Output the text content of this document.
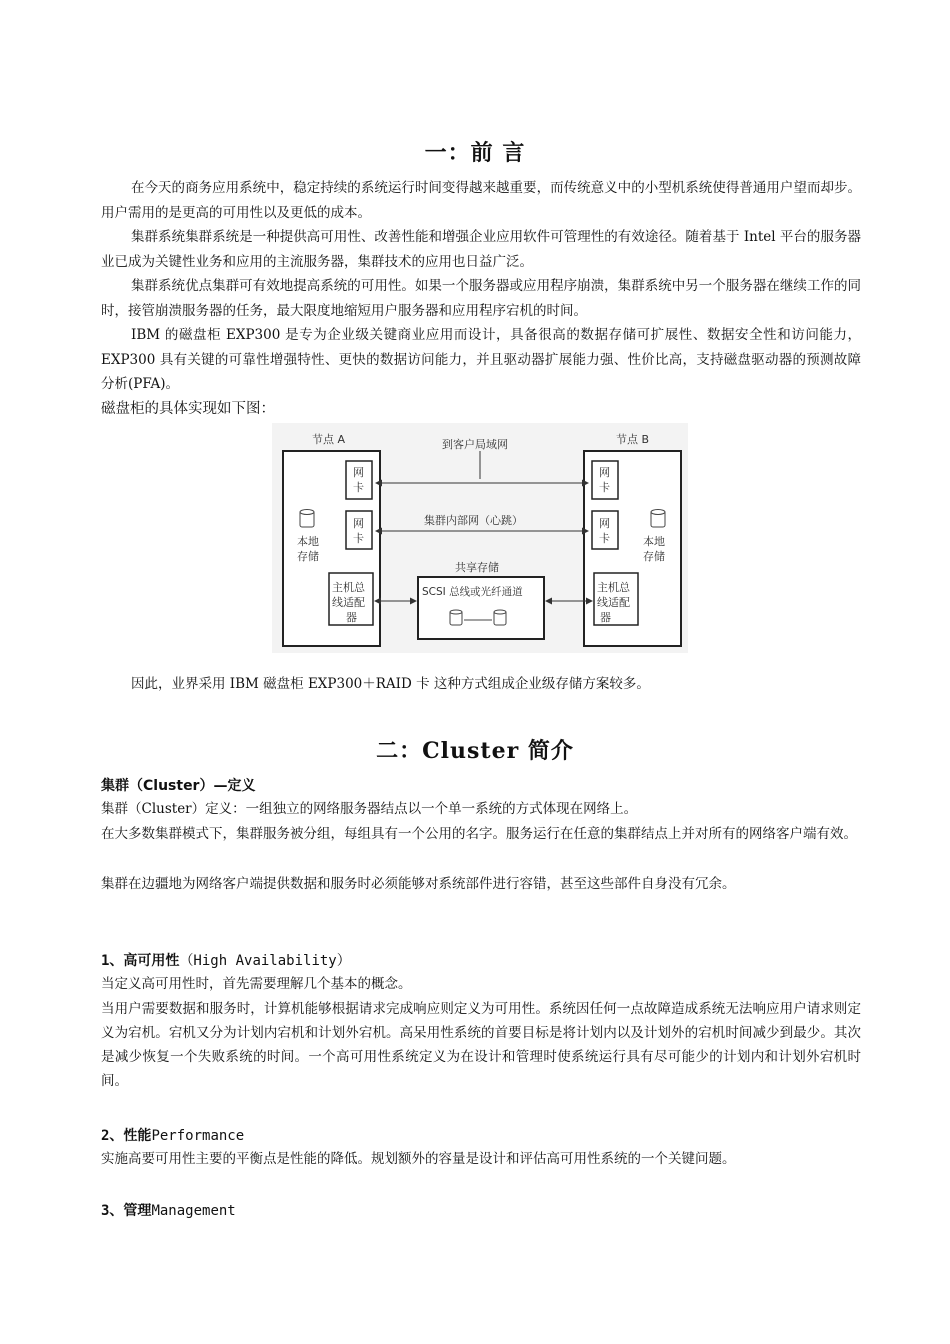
一：前 言

在今天的商务应用系统中，稳定持续的系统运行时间变得越来越重要，而传统意义中的小型机系统使得普通用户望而却步。用户需用的是更高的可用性以及更低的成本。

集群系统集群系统是一种提供高可用性、改善性能和增强企业应用软件可管理性的有效途径。随着基于 Intel 平台的服务器业已成为关键性业务和应用的主流服务器，集群技术的应用也日益广泛。

集群系统优点集群可有效地提高系统的可用性。如果一个服务器或应用程序崩溃，集群系统中另一个服务器在继续工作的同时，接管崩溃服务器的任务，最大限度地缩短用户服务器和应用程序宕机的时间。

IBM 的磁盘柜 EXP300 是专为企业级关键商业应用而设计，具备很高的数据存储可扩展性、数据安全性和访问能力， EXP300 具有关键的可靠性增强特性、更快的数据访问能力，并且驱动器扩展能力强、性价比高，支持磁盘驱动器的预测故障分析(PFA)。

磁盘柜的具体实现如下图：

节点 A	节点 B
到客户局域网
网
卡
网
卡
网
卡
网
卡
集群内部网（心跳）
本地
存储
本地
存储
主机总
线适配
器
主机总
线适配
器
共享存储
SCSI 总线或光纤通道

因此，业界采用 IBM 磁盘柜 EXP300＋RAID 卡 这种方式组成企业级存储方案较多。

二：Cluster 简介
集群（Cluster）—定义

集群（Cluster）定义：一组独立的网络服务器结点以一个单一系统的方式体现在网络上。

在大多数集群模式下，集群服务被分组，每组具有一个公用的名字。服务运行在任意的集群结点上并对所有的网络客户端有效。

集群在边疆地为网络客户端提供数据和服务时必须能够对系统部件进行容错，甚至这些部件自身没有冗余。

1、高可用性（High Availability）

当定义高可用性时，首先需要理解几个基本的概念。

当用户需要数据和服务时，计算机能够根据请求完成响应则定义为可用性。系统因任何一点故障造成系统无法响应用户请求则定义为宕机。宕机又分为计划内宕机和计划外宕机。高呆用性系统的首要目标是将计划内以及计划外的宕机时间减少到最少。其次是减少恢复一个失败系统的时间。一个高可用性系统定义为在设计和管理时使系统运行具有尽可能少的计划内和计划外宕机时间。

2、性能Performance

实施高要可用性主要的平衡点是性能的降低。规划额外的容量是设计和评估高可用性系统的一个关键问题。

3、管理Management
